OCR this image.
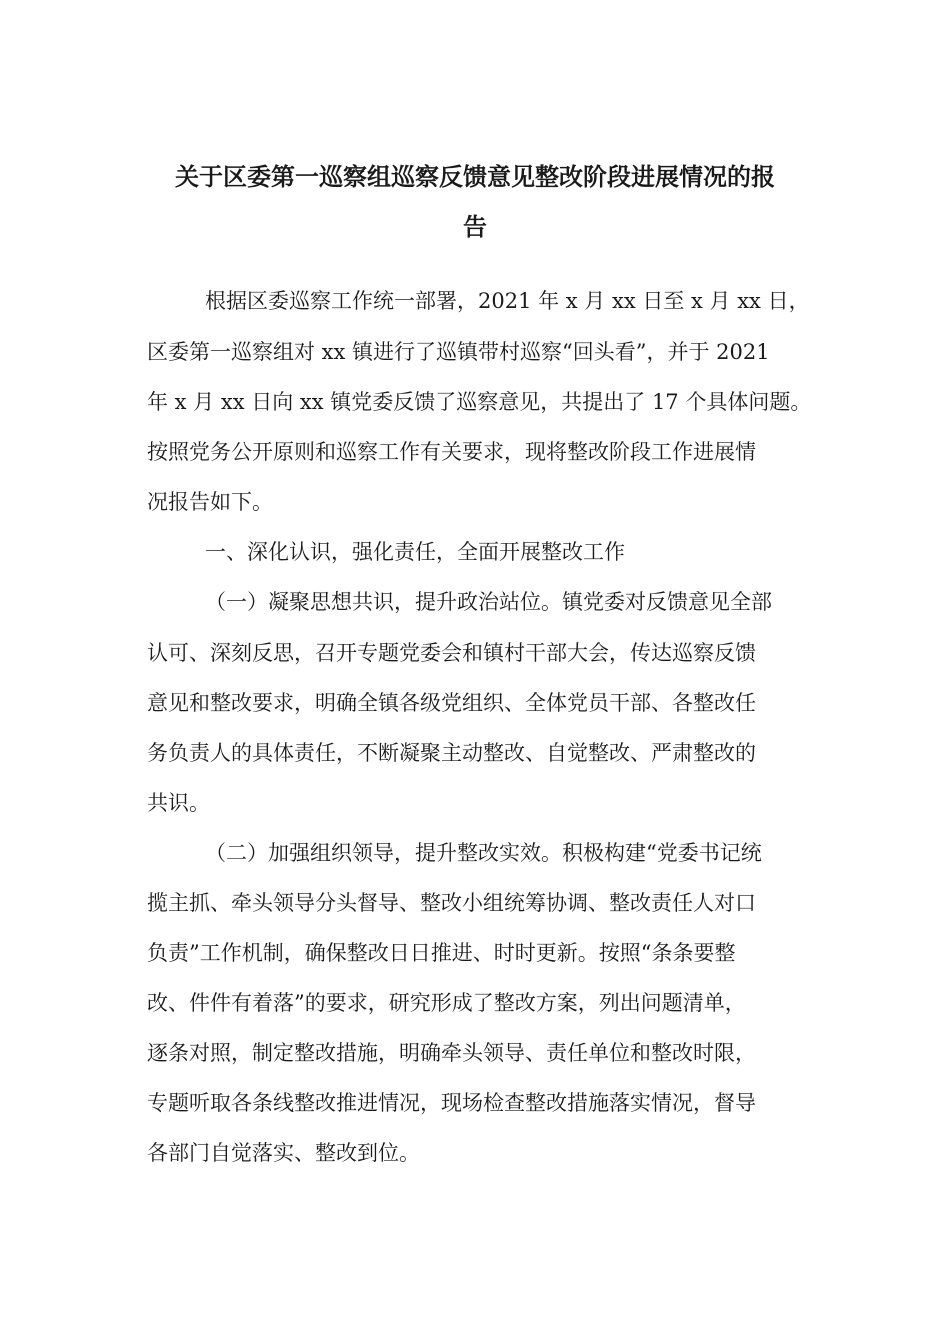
关于区委第一巡察组巡察反馈意见整改阶段进展情况的报
告
根据区委巡察工作统一部署，2021 年 x 月 xx 日至 x 月 xx 日，
区委第一巡察组对 xx 镇进行了巡镇带村巡察“回头看”，并于 2021
年 x 月 xx 日向 xx 镇党委反馈了巡察意见，共提出了 17 个具体问题。
按照党务公开原则和巡察工作有关要求，现将整改阶段工作进展情
况报告如下。
一、深化认识，强化责任，全面开展整改工作
（一）凝聚思想共识，提升政治站位。镇党委对反馈意见全部
认可、深刻反思，召开专题党委会和镇村干部大会，传达巡察反馈
意见和整改要求，明确全镇各级党组织、全体党员干部、各整改任
务负责人的具体责任，不断凝聚主动整改、自觉整改、严肃整改的
共识。
（二）加强组织领导，提升整改实效。积极构建“党委书记统
揽主抓、牵头领导分头督导、整改小组统筹协调、整改责任人对口
负责”工作机制，确保整改日日推进、时时更新。按照“条条要整
改、件件有着落”的要求，研究形成了整改方案，列出问题清单，
逐条对照，制定整改措施，明确牵头领导、责任单位和整改时限，
专题听取各条线整改推进情况，现场检查整改措施落实情况，督导
各部门自觉落实、整改到位。
